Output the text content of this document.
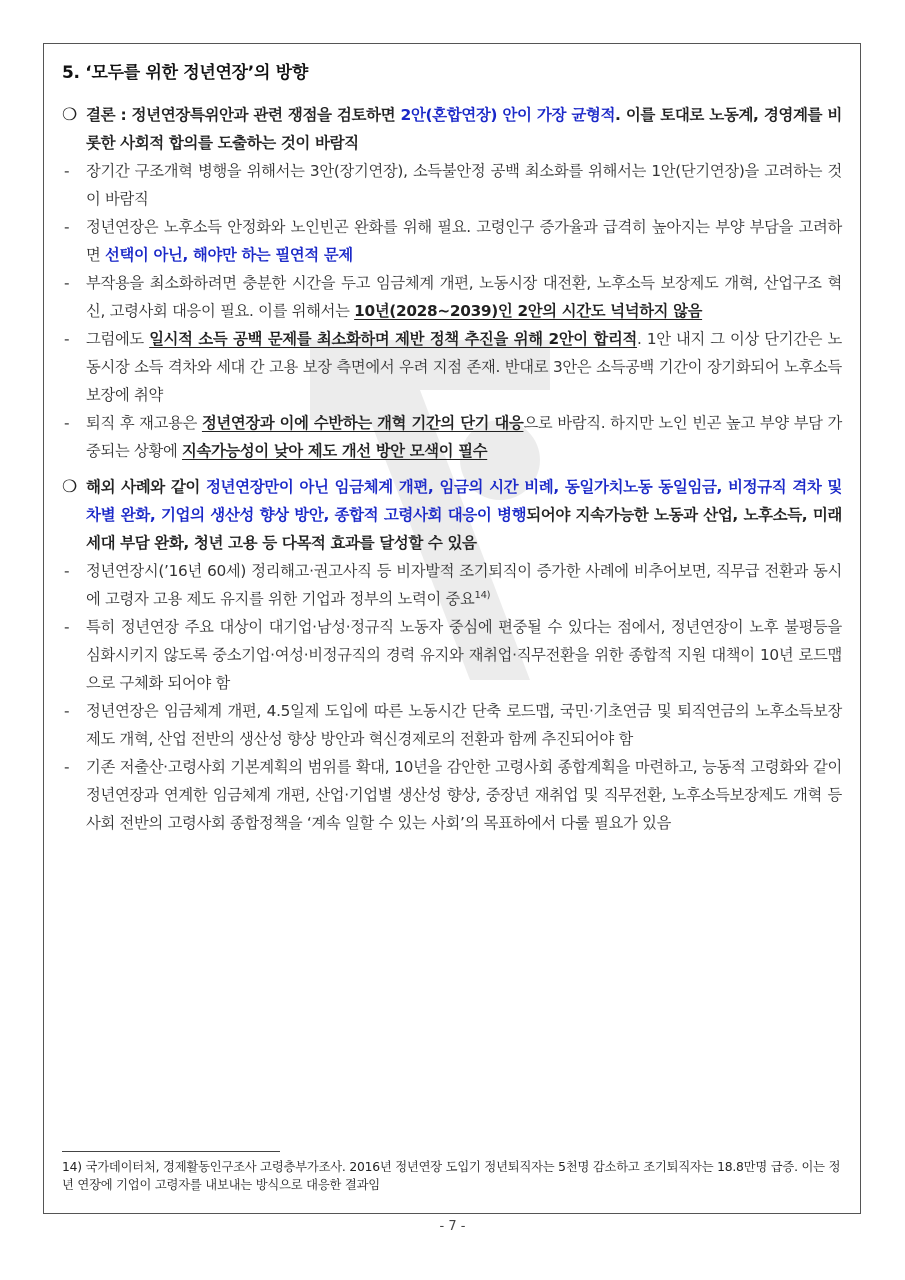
5. ‘모두를 위한 정년연장’의 방향
❍ 결론 : 정년연장특위안과 관련 쟁점을 검토하면 2안(혼합연장) 안이 가장 균형적. 이를 토대로 노동계, 경영계를 비롯한 사회적 합의를 도출하는 것이 바람직
-	장기간 구조개혁 병행을 위해서는 3안(장기연장), 소득불안정 공백 최소화를 위해서는 1안(단기연장)을 고려하는 것이 바람직
-	정년연장은 노후소득 안정화와 노인빈곤 완화를 위해 필요. 고령인구 증가율과 급격히 높아지는 부양 부담을 고려하면 선택이 아닌, 해야만 하는 필연적 문제
-	부작용을 최소화하려면 충분한 시간을 두고 임금체계 개편, 노동시장 대전환, 노후소득 보장제도 개혁, 산업구조 혁신, 고령사회 대응이 필요. 이를 위해서는 10년(2028~2039)인 2안의 시간도 넉넉하지 않음
-	그럼에도 일시적 소득 공백 문제를 최소화하며 제반 정책 추진을 위해 2안이 합리적. 1안 내지 그 이상 단기간은 노동시장 소득 격차와 세대 간 고용 보장 측면에서 우려 지점 존재. 반대로 3안은 소득공백 기간이 장기화되어 노후소득 보장에 취약
-	퇴직 후 재고용은 정년연장과 이에 수반하는 개혁 기간의 단기 대응으로 바람직. 하지만 노인 빈곤 높고 부양 부담 가중되는 상황에 지속가능성이 낮아 제도 개선 방안 모색이 필수
❍ 해외 사례와 같이 정년연장만이 아닌 임금체계 개편, 임금의 시간 비례, 동일가치노동 동일임금, 비정규직 격차 및 차별 완화, 기업의 생산성 향상 방안, 종합적 고령사회 대응이 병행되어야 지속가능한 노동과 산업, 노후소득, 미래세대 부담 완화, 청년 고용 등 다목적 효과를 달성할 수 있음
-	정년연장시(’16년 60세) 정리해고·권고사직 등 비자발적 조기퇴직이 증가한 사례에 비추어보면, 직무급 전환과 동시에 고령자 고용 제도 유지를 위한 기업과 정부의 노력이 중요$^{14)}$
-	특히 정년연장 주요 대상이 대기업·남성·정규직 노동자 중심에 편중될 수 있다는 점에서, 정년연장이 노후 불평등을 심화시키지 않도록 중소기업·여성·비정규직의 경력 유지와 재취업·직무전환을 위한 종합적 지원 대책이 10년 로드맵으로 구체화 되어야 함
-	정년연장은 임금체계 개편, 4.5일제 도입에 따른 노동시간 단축 로드맵, 국민·기초연금 및 퇴직연금의 노후소득보장제도 개혁, 산업 전반의 생산성 향상 방안과 혁신경제로의 전환과 함께 추진되어야 함
-	기존 저출산·고령사회 기본계획의 범위를 확대, 10년을 감안한 고령사회 종합계획을 마련하고, 능동적 고령화와 같이 정년연장과 연계한 임금체계 개편, 산업·기업별 생산성 향상, 중장년 재취업 및 직무전환, 노후소득보장제도 개혁 등 사회 전반의 고령사회 종합정책을 ‘계속 일할 수 있는 사회’의 목표하에서 다룰 필요가 있음
14) 국가데이터처, 경제활동인구조사 고령층부가조사. 2016년 정년연장 도입기 정년퇴직자는 5천명 감소하고 조기퇴직자는 18.8만명 급증. 이는 정년 연장에 기업이 고령자를 내보내는 방식으로 대응한 결과임
- 7 -
